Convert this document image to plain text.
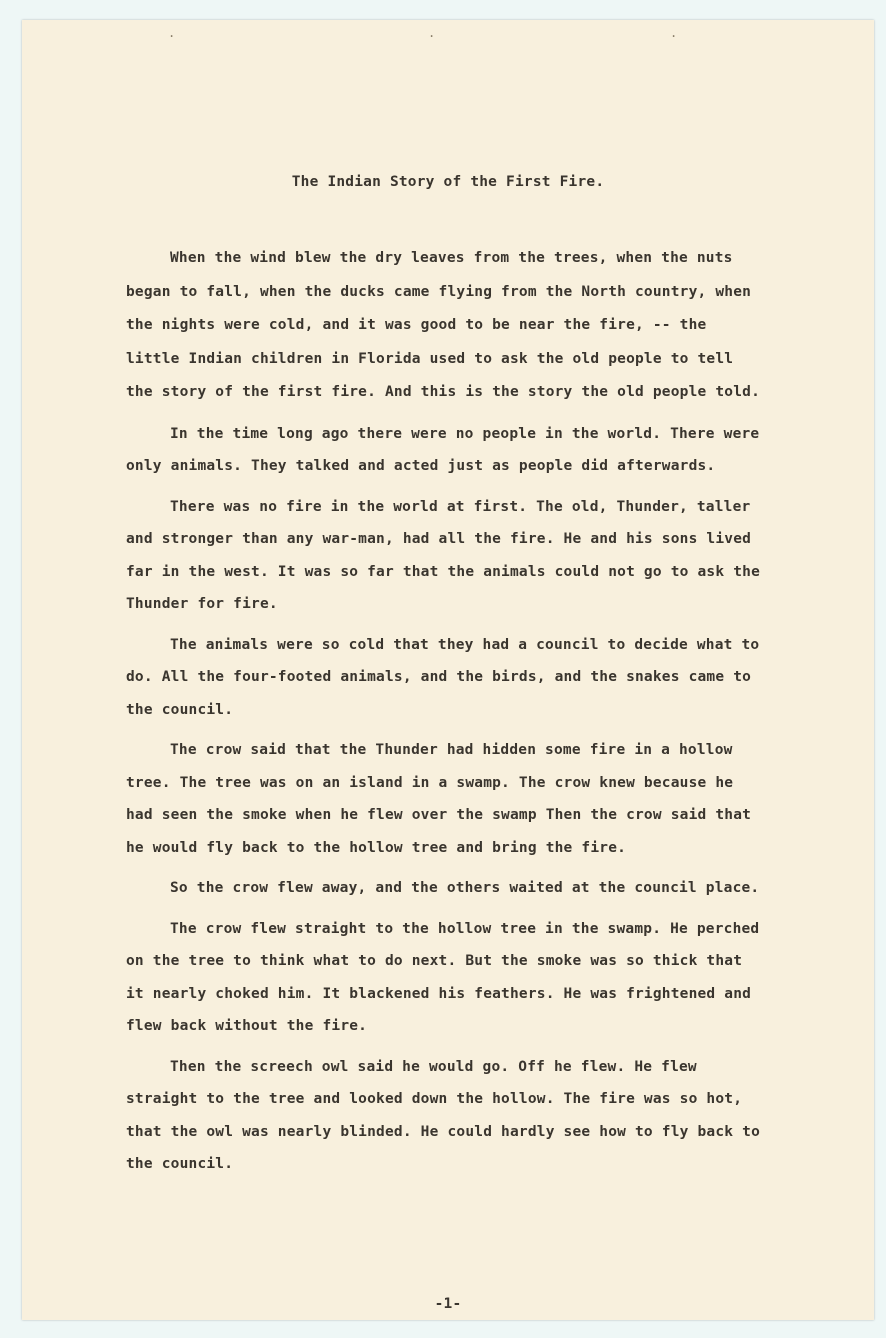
.	.	.
The Indian Story of the First Fire.

When the wind blew the dry leaves from the trees, when the nuts began to fall, when the ducks came flying from the North country, when the nights were cold, and it was good to be near the fire, -- the little Indian children in Florida used to ask the old people to tell the story of the first fire. And this is the story the old people told.

In the time long ago there were no people in the world. There were only animals. They talked and acted just as people did afterwards.

There was no fire in the world at first. The old, Thunder, taller and stronger than any war-man, had all the fire. He and his sons lived far in the west. It was so far that the animals could not go to ask the Thunder for fire.

The animals were so cold that they had a council to decide what to do. All the four-footed animals, and the birds, and the snakes came to the council.

The crow said that the Thunder had hidden some fire in a hollow tree. The tree was on an island in a swamp. The crow knew because he had seen the smoke when he flew over the swamp Then the crow said that he would fly back to the hollow tree and bring the fire.

So the crow flew away, and the others waited at the council place.

The crow flew straight to the hollow tree in the swamp. He perched on the tree to think what to do next. But the smoke was so thick that it nearly choked him. It blackened his feathers. He was frightened and flew back without the fire.

Then the screech owl said he would go. Off he flew. He flew straight to the tree and looked down the hollow. The fire was so hot, that the owl was nearly blinded. He could hardly see how to fly back to the council.

-1-
